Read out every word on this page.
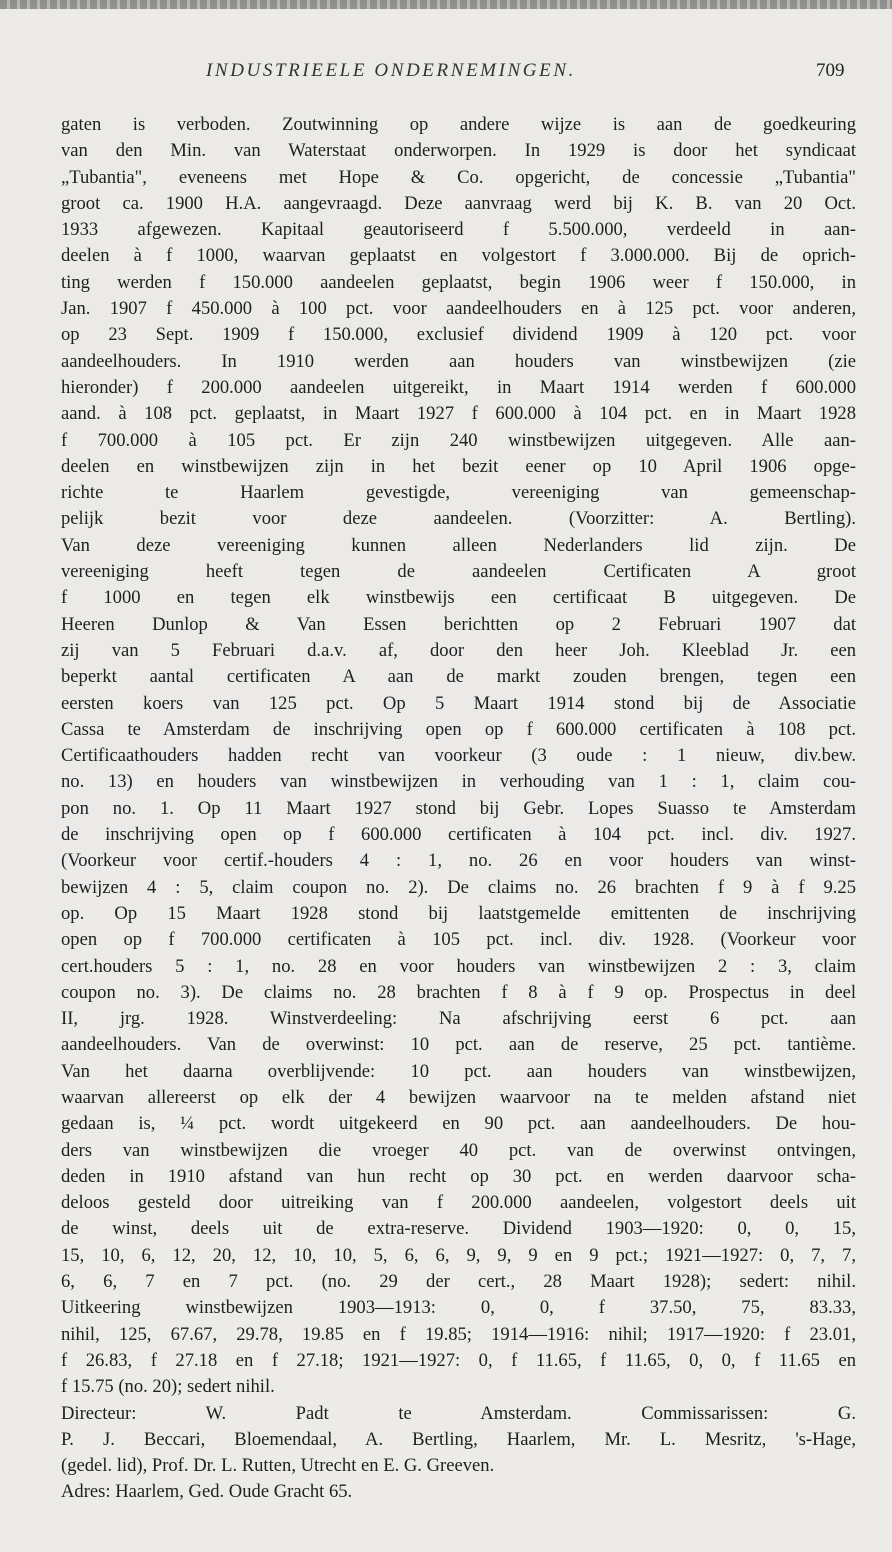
INDUSTRIEELE ONDERNEMINGEN.	709
gaten is verboden. Zoutwinning op andere wijze is aan de goedkeuring
van den Min. van Waterstaat onderworpen. In 1929 is door het syndicaat
„Tubantia", eveneens met Hope & Co. opgericht, de concessie „Tubantia"
groot ca. 1900 H.A. aangevraagd. Deze aanvraag werd bij K. B. van 20 Oct.
1933 afgewezen. Kapitaal geautoriseerd f 5.500.000, verdeeld in aan-
deelen à f 1000, waarvan geplaatst en volgestort f 3.000.000. Bij de oprich-
ting werden f 150.000 aandeelen geplaatst, begin 1906 weer f 150.000, in
Jan. 1907 f 450.000 à 100 pct. voor aandeelhouders en à 125 pct. voor anderen,
op 23 Sept. 1909 f 150.000, exclusief dividend 1909 à 120 pct. voor
aandeelhouders. In 1910 werden aan houders van winstbewijzen (zie
hieronder) f 200.000 aandeelen uitgereikt, in Maart 1914 werden f 600.000
aand. à 108 pct. geplaatst, in Maart 1927 f 600.000 à 104 pct. en in Maart 1928
f 700.000 à 105 pct. Er zijn 240 winstbewijzen uitgegeven. Alle aan-
deelen en winstbewijzen zijn in het bezit eener op 10 April 1906 opge-
richte te Haarlem gevestigde, vereeniging van gemeenschap-
pelijk bezit voor deze aandeelen. (Voorzitter: A. Bertling).
Van deze vereeniging kunnen alleen Nederlanders lid zijn. De
vereeniging heeft tegen de aandeelen Certificaten A groot
f 1000 en tegen elk winstbewijs een certificaat B uitgegeven. De
Heeren Dunlop & Van Essen berichtten op 2 Februari 1907 dat
zij van 5 Februari d.a.v. af, door den heer Joh. Kleeblad Jr. een
beperkt aantal certificaten A aan de markt zouden brengen, tegen een
eersten koers van 125 pct. Op 5 Maart 1914 stond bij de Associatie
Cassa te Amsterdam de inschrijving open op f 600.000 certificaten à 108 pct.
Certificaathouders hadden recht van voorkeur (3 oude : 1 nieuw, div.bew.
no. 13) en houders van winstbewijzen in verhouding van 1 : 1, claim cou-
pon no. 1. Op 11 Maart 1927 stond bij Gebr. Lopes Suasso te Amsterdam
de inschrijving open op f 600.000 certificaten à 104 pct. incl. div. 1927.
(Voorkeur voor certif.-houders 4 : 1, no. 26 en voor houders van winst-
bewijzen 4 : 5, claim coupon no. 2). De claims no. 26 brachten f 9 à f 9.25
op. Op 15 Maart 1928 stond bij laatstgemelde emittenten de inschrijving
open op f 700.000 certificaten à 105 pct. incl. div. 1928. (Voorkeur voor
cert.houders 5 : 1, no. 28 en voor houders van winstbewijzen 2 : 3, claim
coupon no. 3). De claims no. 28 brachten f 8 à f 9 op. Prospectus in deel
II, jrg. 1928. Winstverdeeling: Na afschrijving eerst 6 pct. aan
aandeelhouders. Van de overwinst: 10 pct. aan de reserve, 25 pct. tantième.
Van het daarna overblijvende: 10 pct. aan houders van winstbewijzen,
waarvan allereerst op elk der 4 bewijzen waarvoor na te melden afstand niet
gedaan is, ¼ pct. wordt uitgekeerd en 90 pct. aan aandeelhouders. De hou-
ders van winstbewijzen die vroeger 40 pct. van de overwinst ontvingen,
deden in 1910 afstand van hun recht op 30 pct. en werden daarvoor scha-
deloos gesteld door uitreiking van f 200.000 aandeelen, volgestort deels uit
de winst, deels uit de extra-reserve. Dividend 1903—1920: 0, 0, 15,
15, 10, 6, 12, 20, 12, 10, 10, 5, 6, 6, 9, 9, 9 en 9 pct.; 1921—1927: 0, 7, 7,
6, 6, 7 en 7 pct. (no. 29 der cert., 28 Maart 1928); sedert: nihil.
Uitkeering winstbewijzen 1903—1913: 0, 0, f 37.50, 75, 83.33,
nihil, 125, 67.67, 29.78, 19.85 en f 19.85; 1914—1916: nihil; 1917—1920: f 23.01,
f 26.83, f 27.18 en f 27.18; 1921—1927: 0, f 11.65, f 11.65, 0, 0, f 11.65 en
f 15.75 (no. 20); sedert nihil.
Directeur: W. Padt te Amsterdam. Commissarissen: G.
P. J. Beccari, Bloemendaal, A. Bertling, Haarlem, Mr. L. Mesritz, 's-Hage,
(gedel. lid), Prof. Dr. L. Rutten, Utrecht en E. G. Greeven.
Adres: Haarlem, Ged. Oude Gracht 65.
